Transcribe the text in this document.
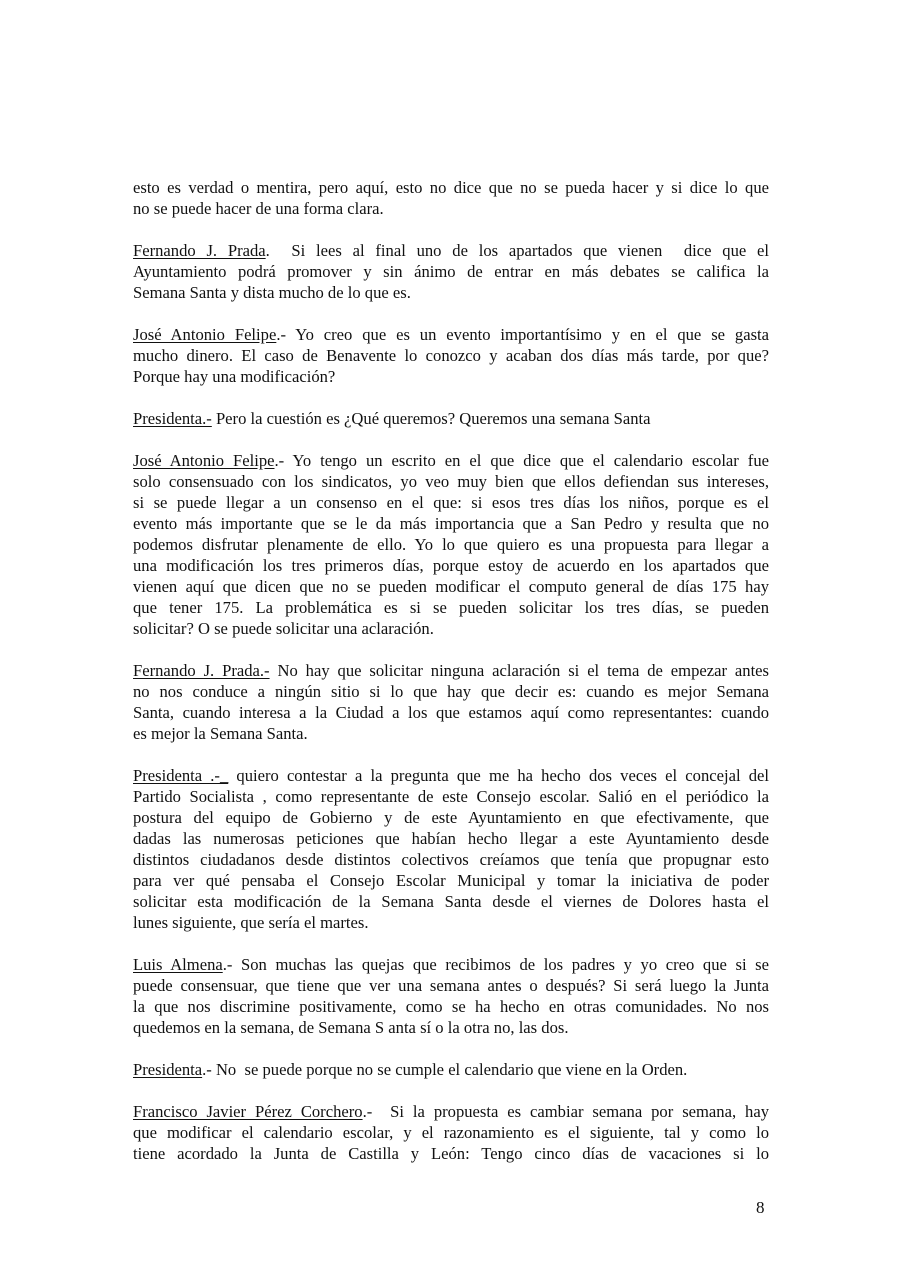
esto es verdad o mentira, pero aquí, esto no dice que no se pueda hacer y si dice lo que
no se puede hacer de una forma clara.
Fernando J. Prada.  Si lees al final uno de los apartados que vienen  dice que el
Ayuntamiento podrá promover y sin ánimo de entrar en más debates se califica la
Semana Santa y dista mucho de lo que es.
José Antonio Felipe.- Yo creo que es un evento importantísimo y en el que se gasta
mucho dinero. El caso de Benavente lo conozco y acaban dos días más tarde, por que?
Porque hay una modificación?
Presidenta.- Pero la cuestión es ¿Qué queremos? Queremos una semana Santa
José Antonio Felipe.- Yo tengo un escrito en el que dice que el calendario escolar fue
solo consensuado con los sindicatos, yo veo muy bien que ellos defiendan sus intereses,
si se puede llegar a un consenso en el que: si esos tres días los niños, porque es el
evento más importante que se le da más importancia que a San Pedro y resulta que no
podemos disfrutar plenamente de ello. Yo lo que quiero es una propuesta para llegar a
una modificación los tres primeros días, porque estoy de acuerdo en los apartados que
vienen aquí que dicen que no se pueden modificar el computo general de días 175 hay
que tener 175. La problemática es si se pueden solicitar los tres días, se pueden
solicitar? O se puede solicitar una aclaración.
Fernando J. Prada.- No hay que solicitar ninguna aclaración si el tema de empezar antes
no nos conduce a ningún sitio si lo que hay que decir es: cuando es mejor Semana
Santa, cuando interesa a la Ciudad a los que estamos aquí como representantes: cuando
es mejor la Semana Santa.
Presidenta .-_ quiero contestar a la pregunta que me ha hecho dos veces el concejal del
Partido Socialista , como representante de este Consejo escolar. Salió en el periódico la
postura del equipo de Gobierno y de este Ayuntamiento en que efectivamente, que
dadas las numerosas peticiones que habían hecho llegar a este Ayuntamiento desde
distintos ciudadanos desde distintos colectivos creíamos que tenía que propugnar esto
para ver qué pensaba el Consejo Escolar Municipal y tomar la iniciativa de poder
solicitar esta modificación de la Semana Santa desde el viernes de Dolores hasta el
lunes siguiente, que sería el martes.
Luis Almena.- Son muchas las quejas que recibimos de los padres y yo creo que si se
puede consensuar, que tiene que ver una semana antes o después? Si será luego la Junta
la que nos discrimine positivamente, como se ha hecho en otras comunidades. No nos
quedemos en la semana, de Semana S anta sí o la otra no, las dos.
Presidenta.- No  se puede porque no se cumple el calendario que viene en la Orden.
Francisco Javier Pérez Corchero.-  Si la propuesta es cambiar semana por semana, hay
que modificar el calendario escolar, y el razonamiento es el siguiente, tal y como lo
tiene acordado la Junta de Castilla y León: Tengo cinco días de vacaciones si lo
8
